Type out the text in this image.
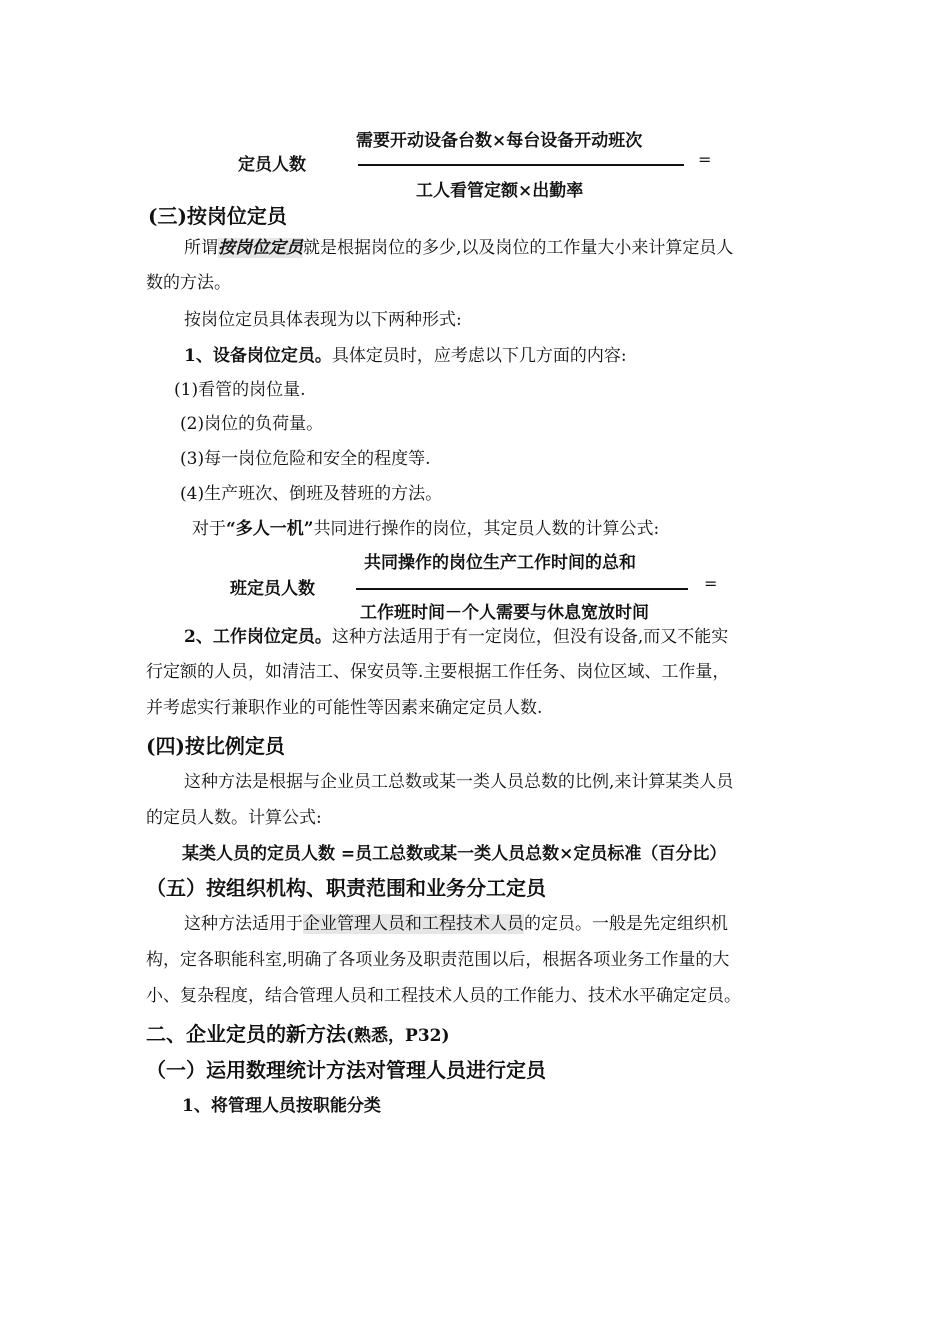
需要开动设备台数×每台设备开动班次
定员人数	=
工人看管定额×出勤率
(三)按岗位定员
所谓按岗位定员就是根据岗位的多少,以及岗位的工作量大小来计算定员人
数的方法。
按岗位定员具体表现为以下两种形式:
1、设备岗位定员。具体定员时，应考虑以下几方面的内容:
(1)看管的岗位量.
(2)岗位的负荷量。
(3)每一岗位危险和安全的程度等.
(4)生产班次、倒班及替班的方法。
对于“多人一机”共同进行操作的岗位，其定员人数的计算公式:
共同操作的岗位生产工作时间的总和
班定员人数	=
工作班时间－个人需要与休息宽放时间
2、工作岗位定员。这种方法适用于有一定岗位，但没有设备,而又不能实
行定额的人员，如清洁工、保安员等.主要根据工作任务、岗位区域、工作量，
并考虑实行兼职作业的可能性等因素来确定定员人数.
(四)按比例定员
这种方法是根据与企业员工总数或某一类人员总数的比例,来计算某类人员
的定员人数。计算公式:
某类人员的定员人数 =员工总数或某一类人员总数×定员标准（百分比）
（五）按组织机构、职责范围和业务分工定员
这种方法适用于企业管理人员和工程技术人员的定员。一般是先定组织机
构，定各职能科室,明确了各项业务及职责范围以后，根据各项业务工作量的大
小、复杂程度，结合管理人员和工程技术人员的工作能力、技术水平确定定员。
二、企业定员的新方法(熟悉，P32)
（一）运用数理统计方法对管理人员进行定员
1、将管理人员按职能分类
